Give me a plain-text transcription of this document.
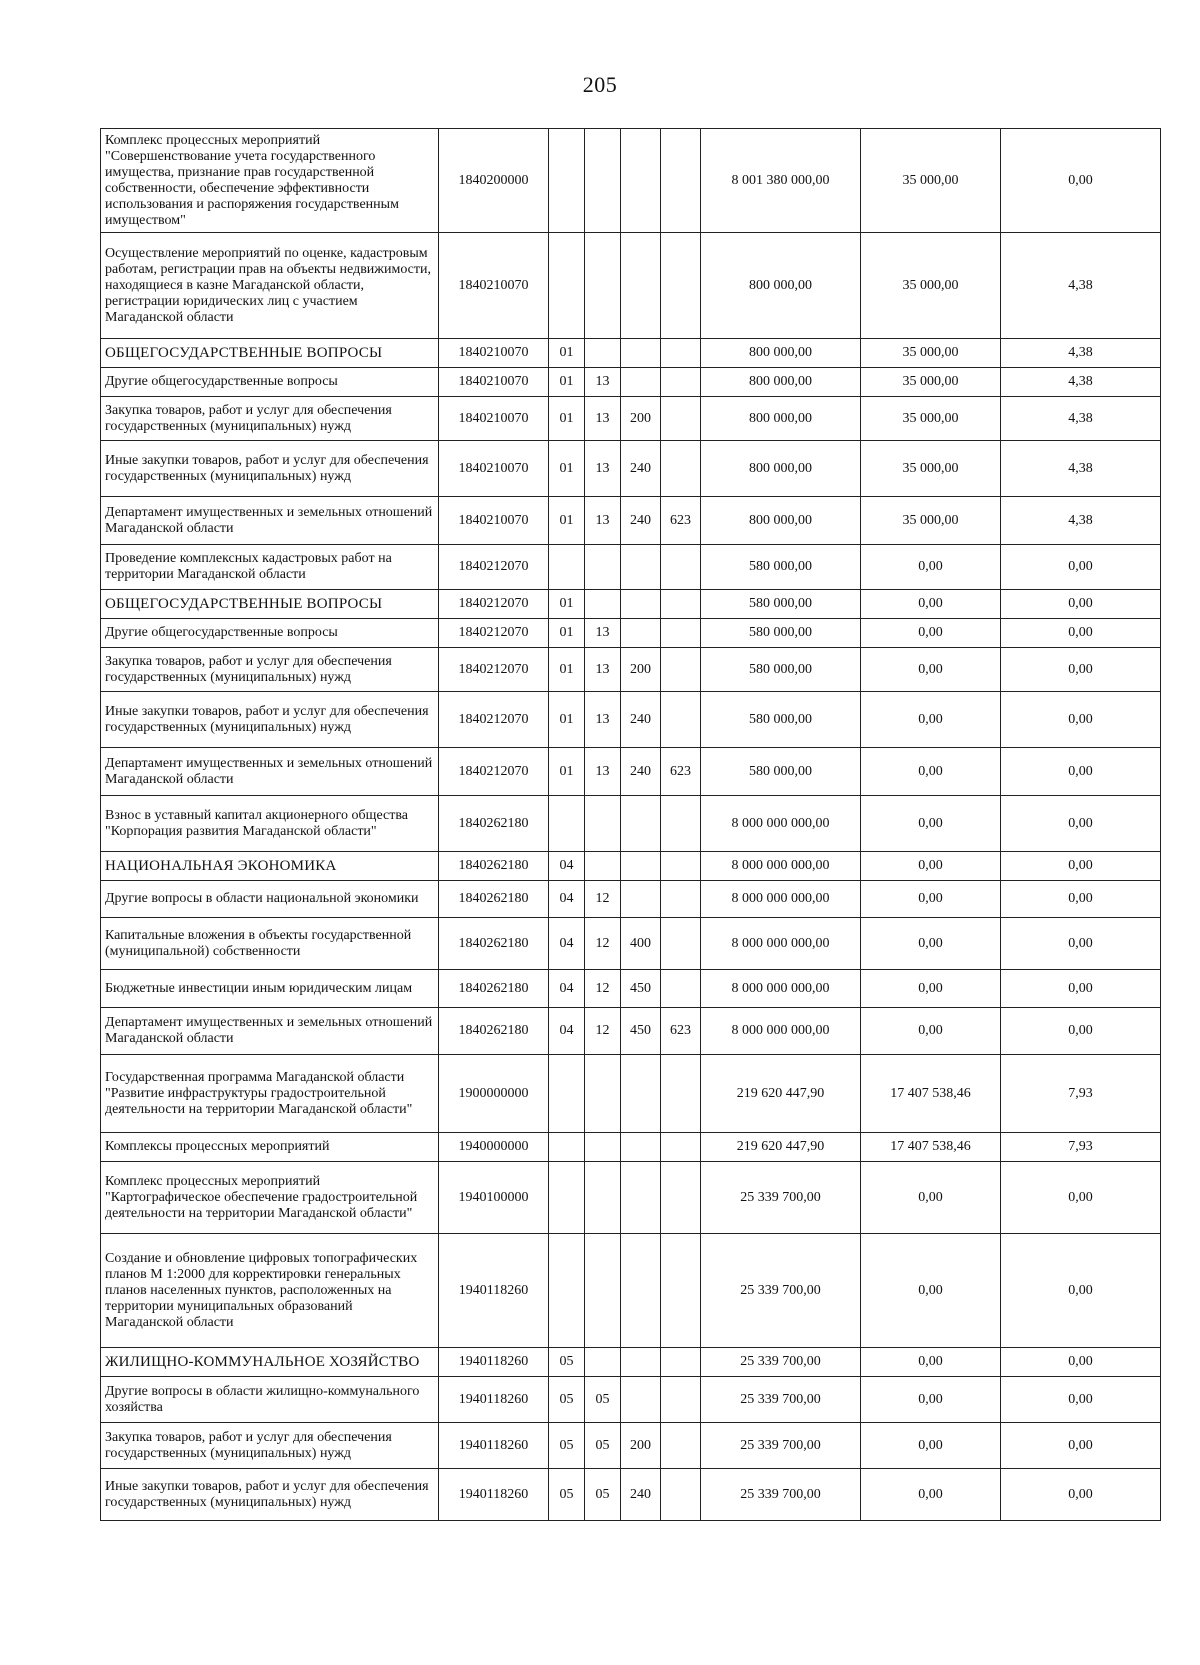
205
Комплекс процессных мероприятий "Совершенствование учета государственного имущества, признание прав государственной собственности, обеспечение эффективности использования и распоряжения государственным имуществом"	1840200000					8 001 380 000,00	35 000,00	0,00
Осуществление мероприятий по оценке, кадастровым работам, регистрации прав на объекты недвижимости, находящиеся в казне Магаданской области, регистрации юридических лиц с участием Магаданской области	1840210070					800 000,00	35 000,00	4,38
ОБЩЕГОСУДАРСТВЕННЫЕ ВОПРОСЫ	1840210070	01				800 000,00	35 000,00	4,38
Другие общегосударственные вопросы	1840210070	01	13			800 000,00	35 000,00	4,38
Закупка товаров, работ и услуг для обеспечения государственных (муниципальных) нужд	1840210070	01	13	200		800 000,00	35 000,00	4,38
Иные закупки товаров, работ и услуг для обеспечения государственных (муниципальных) нужд	1840210070	01	13	240		800 000,00	35 000,00	4,38
Департамент имущественных и земельных отношений Магаданской области	1840210070	01	13	240	623	800 000,00	35 000,00	4,38
Проведение комплексных кадастровых работ на территории Магаданской области	1840212070					580 000,00	0,00	0,00
ОБЩЕГОСУДАРСТВЕННЫЕ ВОПРОСЫ	1840212070	01				580 000,00	0,00	0,00
Другие общегосударственные вопросы	1840212070	01	13			580 000,00	0,00	0,00
Закупка товаров, работ и услуг для обеспечения государственных (муниципальных) нужд	1840212070	01	13	200		580 000,00	0,00	0,00
Иные закупки товаров, работ и услуг для обеспечения государственных (муниципальных) нужд	1840212070	01	13	240		580 000,00	0,00	0,00
Департамент имущественных и земельных отношений Магаданской области	1840212070	01	13	240	623	580 000,00	0,00	0,00
Взнос в уставный капитал акционерного общества "Корпорация развития Магаданской области"	1840262180					8 000 000 000,00	0,00	0,00
НАЦИОНАЛЬНАЯ ЭКОНОМИКА	1840262180	04				8 000 000 000,00	0,00	0,00
Другие вопросы в области национальной экономики	1840262180	04	12			8 000 000 000,00	0,00	0,00
Капитальные вложения в объекты государственной (муниципальной) собственности	1840262180	04	12	400		8 000 000 000,00	0,00	0,00
Бюджетные инвестиции иным юридическим лицам	1840262180	04	12	450		8 000 000 000,00	0,00	0,00
Департамент имущественных и земельных отношений Магаданской области	1840262180	04	12	450	623	8 000 000 000,00	0,00	0,00
Государственная программа Магаданской области "Развитие инфраструктуры градостроительной деятельности на территории Магаданской области"	1900000000					219 620 447,90	17 407 538,46	7,93
Комплексы процессных мероприятий	1940000000					219 620 447,90	17 407 538,46	7,93
Комплекс процессных мероприятий "Картографическое обеспечение градостроительной деятельности на территории Магаданской области"	1940100000					25 339 700,00	0,00	0,00
Создание и обновление цифровых топографических планов М 1:2000 для корректировки генеральных планов населенных пунктов, расположенных на территории муниципальных образований Магаданской области	1940118260					25 339 700,00	0,00	0,00
ЖИЛИЩНО-КОММУНАЛЬНОЕ ХОЗЯЙСТВО	1940118260	05				25 339 700,00	0,00	0,00
Другие вопросы в области жилищно-коммунального хозяйства	1940118260	05	05			25 339 700,00	0,00	0,00
Закупка товаров, работ и услуг для обеспечения государственных (муниципальных) нужд	1940118260	05	05	200		25 339 700,00	0,00	0,00
Иные закупки товаров, работ и услуг для обеспечения государственных (муниципальных) нужд	1940118260	05	05	240		25 339 700,00	0,00	0,00
